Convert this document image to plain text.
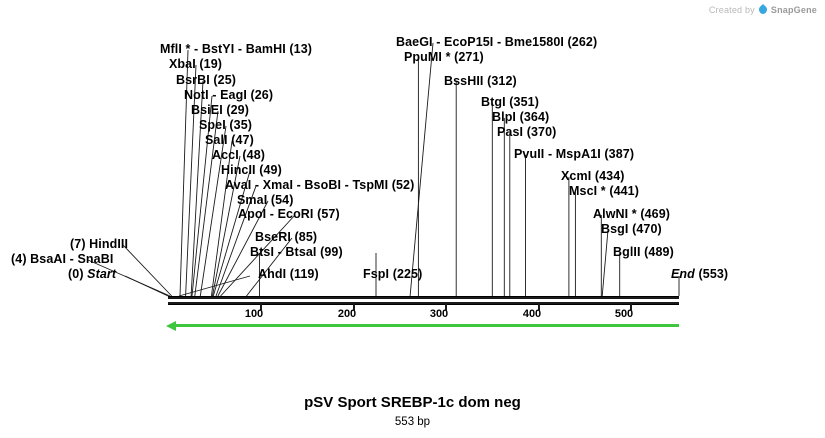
Created by SnapGene
100	200	300	400	500
(4) BsaAI - SnaBI
(7) HindIII
(0) Start	AhdI (119)
BtsI - BtsaI (99)
BseRI (85)
ApoI - EcoRI (57)
SmaI (54)
AvaI - XmaI - BsoBI - TspMI (52)
HincII (49)
AccI (48)
SalI (47)
SpeI (35)
BsiEI (29)
NotI - EagI (26)
BsrBI (25)
XbaI (19)
MflI * - BstYI - BamHI (13)
FspI (225)
PpuMI * (271)
BaeGI - EcoP15I - Bme1580I (262)
BssHII (312)
BtgI (351)
BlpI (364)
PasI (370)
PvuII - MspA1I (387)
XcmI (434)
MscI * (441)
AlwNI * (469)
BsgI (470)
BglII (489)
End (553)
pSV Sport SREBP-1c dom neg
553 bp
